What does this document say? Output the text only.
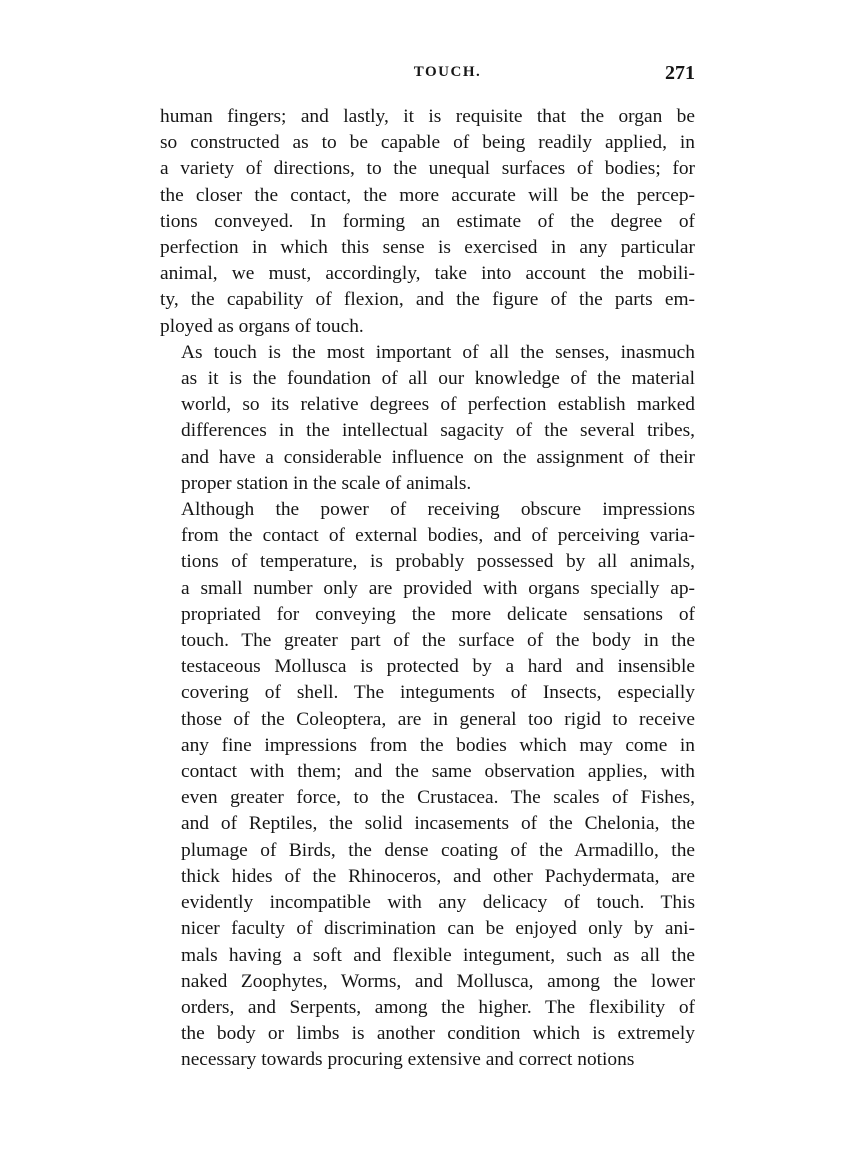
TOUCH.	271

human fingers; and lastly, it is requisite that the organ be
so constructed as to be capable of being readily applied, in
a variety of directions, to the unequal surfaces of bodies; for
the closer the contact, the more accurate will be the percep-
tions conveyed. In forming an estimate of the degree of
perfection in which this sense is exercised in any particular
animal, we must, accordingly, take into account the mobili-
ty, the capability of flexion, and the figure of the parts em-
ployed as organs of touch.

As touch is the most important of all the senses, inasmuch
as it is the foundation of all our knowledge of the material
world, so its relative degrees of perfection establish marked
differences in the intellectual sagacity of the several tribes,
and have a considerable influence on the assignment of their
proper station in the scale of animals.

Although the power of receiving obscure impressions
from the contact of external bodies, and of perceiving varia-
tions of temperature, is probably possessed by all animals,
a small number only are provided with organs specially ap-
propriated for conveying the more delicate sensations of
touch. The greater part of the surface of the body in the
testaceous Mollusca is protected by a hard and insensible
covering of shell. The integuments of Insects, especially
those of the Coleoptera, are in general too rigid to receive
any fine impressions from the bodies which may come in
contact with them; and the same observation applies, with
even greater force, to the Crustacea. The scales of Fishes,
and of Reptiles, the solid incasements of the Chelonia, the
plumage of Birds, the dense coating of the Armadillo, the
thick hides of the Rhinoceros, and other Pachydermata, are
evidently incompatible with any delicacy of touch. This
nicer faculty of discrimination can be enjoyed only by ani-
mals having a soft and flexible integument, such as all the
naked Zoophytes, Worms, and Mollusca, among the lower
orders, and Serpents, among the higher. The flexibility of
the body or limbs is another condition which is extremely
necessary towards procuring extensive and correct notions
